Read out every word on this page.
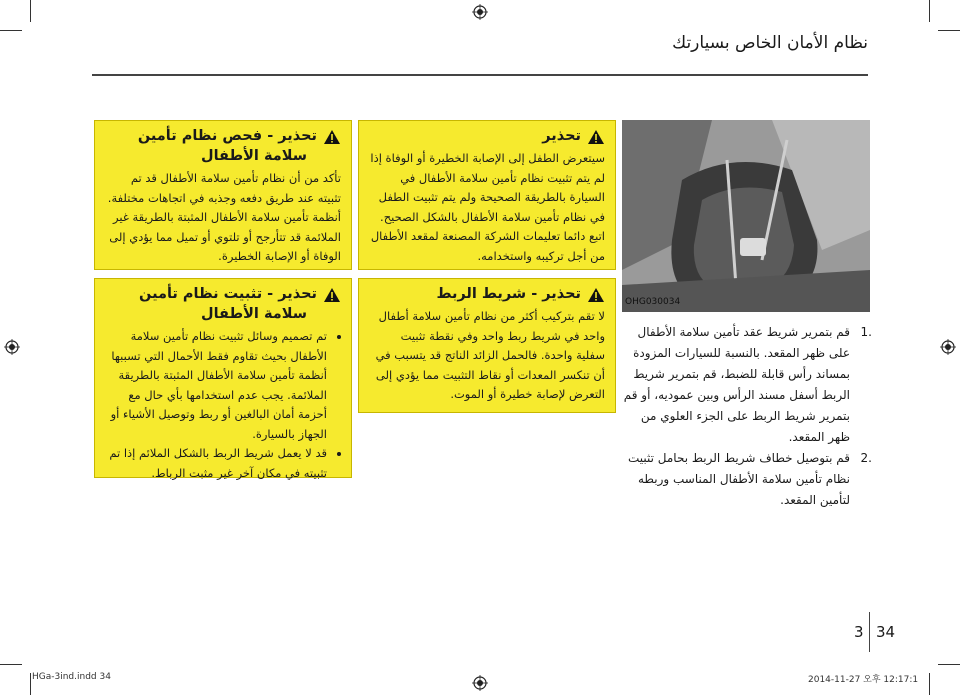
نظام الأمان الخاص بسيارتك
تحذير
سيتعرض الطفل إلى الإصابة الخطيرة أو الوفاة إذا لم يتم تثبيت نظام تأمين سلامة الأطفال في السيارة بالطريقة الصحيحة ولم يتم تثبيت الطفل في نظام تأمين سلامة الأطفال بالشكل الصحيح. اتبع دائما تعليمات الشركة المصنعة لمقعد الأطفال من أجل تركيبه واستخدامه.
تحذير - فحص نظام تأمين
سلامة الأطفال
تأكد من أن نظام تأمين سلامة الأطفال قد تم تثبيته عند طريق دفعه وجذبه في اتجاهات مختلفة. أنظمة تأمين سلامة الأطفال المثبتة بالطريقة غير الملائمة قد تتأرجح أو تلتوي أو تميل مما يؤدي إلى الوفاة أو الإصابة الخطيرة.
تحذير - شريط الربط
لا تقم بتركيب أكثر من نظام تأمين سلامة أطفال واحد في شريط ربط واحد وفي نقطة تثبيت سفلية واحدة. فالحمل الزائد الناتج قد يتسبب في أن تنكسر المعدات أو نقاط التثبيت مما يؤدي إلى التعرض لإصابة خطيرة أو الموت.
تحذير - تثبيت نظام تأمين
سلامة الأطفال
• تم تصميم وسائل تثبيت نظام تأمين سلامة الأطفال بحيث تقاوم فقط الأحمال التي تسببها أنظمة تأمين سلامة الأطفال المثبتة بالطريقة الملائمة. يجب عدم استخدامها بأي حال مع أحزمة أمان البالغين أو ربط وتوصيل الأشياء أو الجهاز بالسيارة.
• قد لا يعمل شريط الربط بالشكل الملائم إذا تم تثبيته في مكان آخر غير مثبت الرباط.
OHG030034
.1
قم بتمرير شريط عقد تأمين سلامة الأطفال على ظهر المقعد. بالنسبة للسيارات المزودة بمساند رأس قابلة للضبط، قم بتمرير شريط الربط أسفل مسند الرأس وبين عموديه، أو قم بتمرير شريط الربط على الجزء العلوي من ظهر المقعد.
.2
قم بتوصيل خطاف شريط الربط بحامل تثبيت نظام تأمين سلامة الأطفال المناسب وربطه لتأمين المقعد.
3 34
HGa-3ind.indd 34	2014-11-27 오후 12:17:1
